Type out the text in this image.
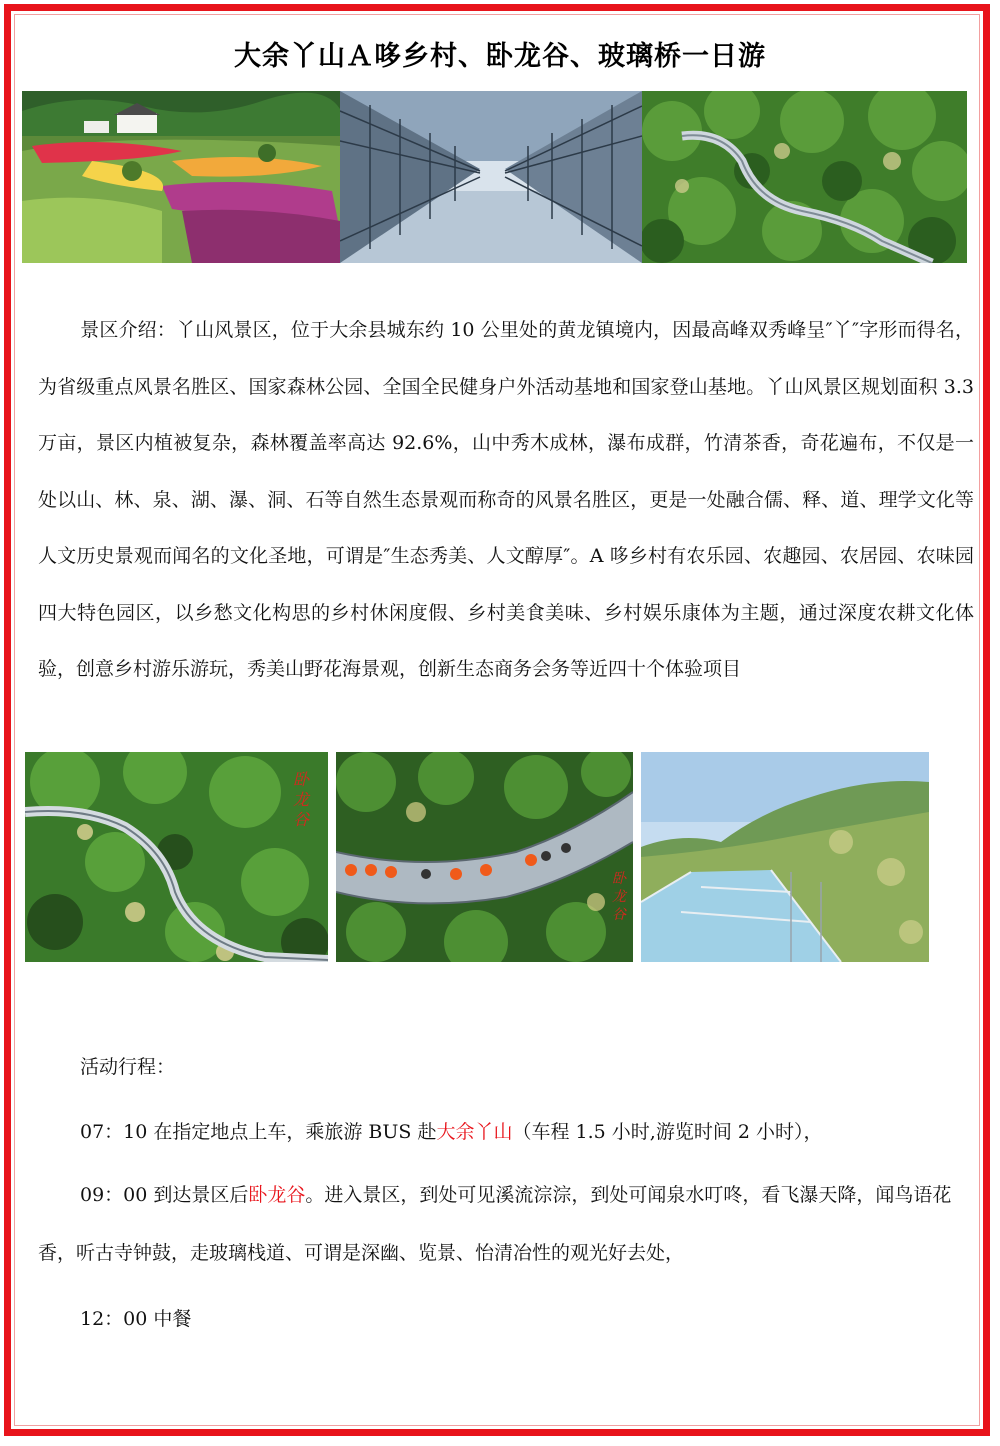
大余丫山Ａ哆乡村、卧龙谷、玻璃桥一日游
景区介绍：丫山风景区，位于大余县城东约 10 公里处的黄龙镇境内，因最高峰双秀峰呈″丫″字形而得名，为省级重点风景名胜区、国家森林公园、全国全民健身户外活动基地和国家登山基地。丫山风景区规划面积 3.3 万亩，景区内植被复杂，森林覆盖率高达 92.6%，山中秀木成林，瀑布成群，竹清茶香，奇花遍布，不仅是一处以山、林、泉、湖、瀑、洞、石等自然生态景观而称奇的风景名胜区，更是一处融合儒、释、道、理学文化等人文历史景观而闻名的文化圣地，可谓是″生态秀美、人文醇厚″。A 哆乡村有农乐园、农趣园、农居园、农味园四大特色园区，以乡愁文化构思的乡村休闲度假、乡村美食美味、乡村娱乐康体为主题，通过深度农耕文化体验，创意乡村游乐游玩，秀美山野花海景观，创新生态商务会务等近四十个体验项目
卧龙谷
卧龙谷
活动行程：
07：10 在指定地点上车，乘旅游 BUS 赴大余丫山（车程 1.5 小时,游览时间 2 小时），
09：00 到达景区后卧龙谷。进入景区，到处可见溪流淙淙，到处可闻泉水叮咚，看飞瀑天降，闻鸟语花香，听古寺钟鼓，走玻璃栈道、可谓是深幽、览景、怡清冶性的观光好去处，
12：00 中餐
